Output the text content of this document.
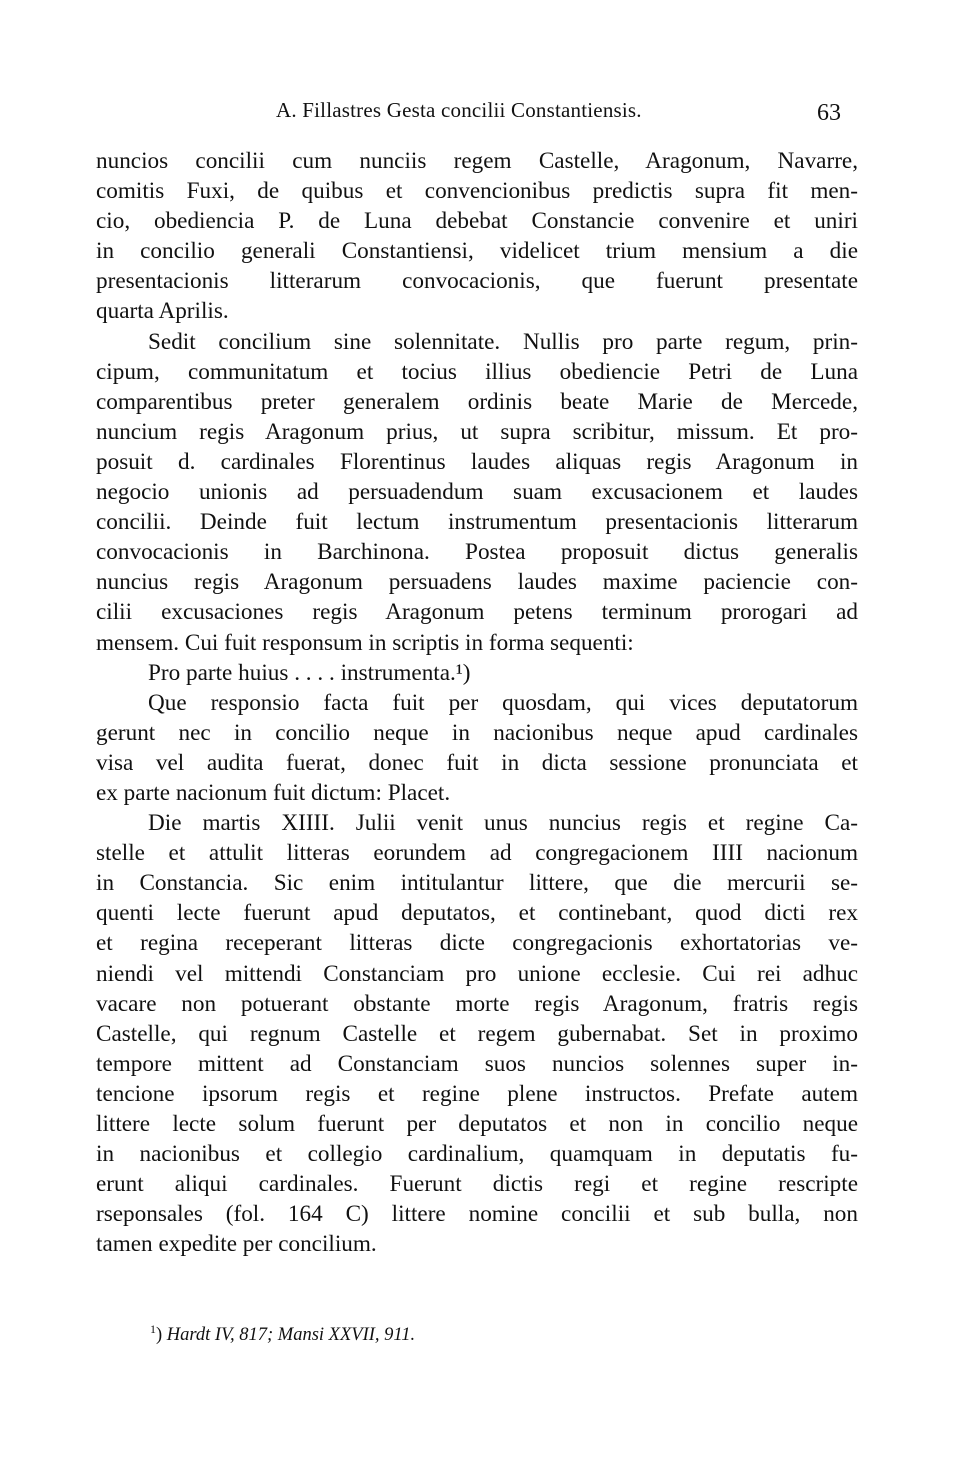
A. Fillastres Gesta concilii Constantiensis.	63
nuncios concilii cum nunciis regem Castelle, Aragonum, Navarre,
comitis Fuxi, de quibus et convencionibus predictis supra fit men-
cio, obediencia P. de Luna debebat Constancie convenire et uniri
in concilio generali Constantiensi, videlicet trium mensium a die
presentacionis litterarum convocacionis, que fuerunt presentate
quarta Aprilis.
Sedit concilium sine solennitate. Nullis pro parte regum, prin-
cipum, communitatum et tocius illius obediencie Petri de Luna
comparentibus preter generalem ordinis beate Marie de Mercede,
nuncium regis Aragonum prius, ut supra scribitur, missum. Et pro-
posuit d. cardinales Florentinus laudes aliquas regis Aragonum in
negocio unionis ad persuadendum suam excusacionem et laudes
concilii. Deinde fuit lectum instrumentum presentacionis litterarum
convocacionis in Barchinona. Postea proposuit dictus generalis
nuncius regis Aragonum persuadens laudes maxime paciencie con-
cilii excusaciones regis Aragonum petens terminum prorogari ad
mensem. Cui fuit responsum in scriptis in forma sequenti:
Pro parte huius . . . . instrumenta.¹)
Que responsio facta fuit per quosdam, qui vices deputatorum
gerunt nec in concilio neque in nacionibus neque apud cardinales
visa vel audita fuerat, donec fuit in dicta sessione pronunciata et
ex parte nacionum fuit dictum: Placet.
Die martis XIIII. Julii venit unus nuncius regis et regine Ca-
stelle et attulit litteras eorundem ad congregacionem IIII nacionum
in Constancia. Sic enim intitulantur littere, que die mercurii se-
quenti lecte fuerunt apud deputatos, et continebant, quod dicti rex
et regina receperant litteras dicte congregacionis exhortatorias ve-
niendi vel mittendi Constanciam pro unione ecclesie. Cui rei adhuc
vacare non potuerant obstante morte regis Aragonum, fratris regis
Castelle, qui regnum Castelle et regem gubernabat. Set in proximo
tempore mittent ad Constanciam suos nuncios solennes super in-
tencione ipsorum regis et regine plene instructos. Prefate autem
littere lecte solum fuerunt per deputatos et non in concilio neque
in nacionibus et collegio cardinalium, quamquam in deputatis fu-
erunt aliqui cardinales. Fuerunt dictis regi et regine rescripte
rseponsales (fol. 164 C) littere nomine concilii et sub bulla, non
tamen expedite per concilium.
$^1$) Hardt IV, 817; Mansi XXVII, 911.
